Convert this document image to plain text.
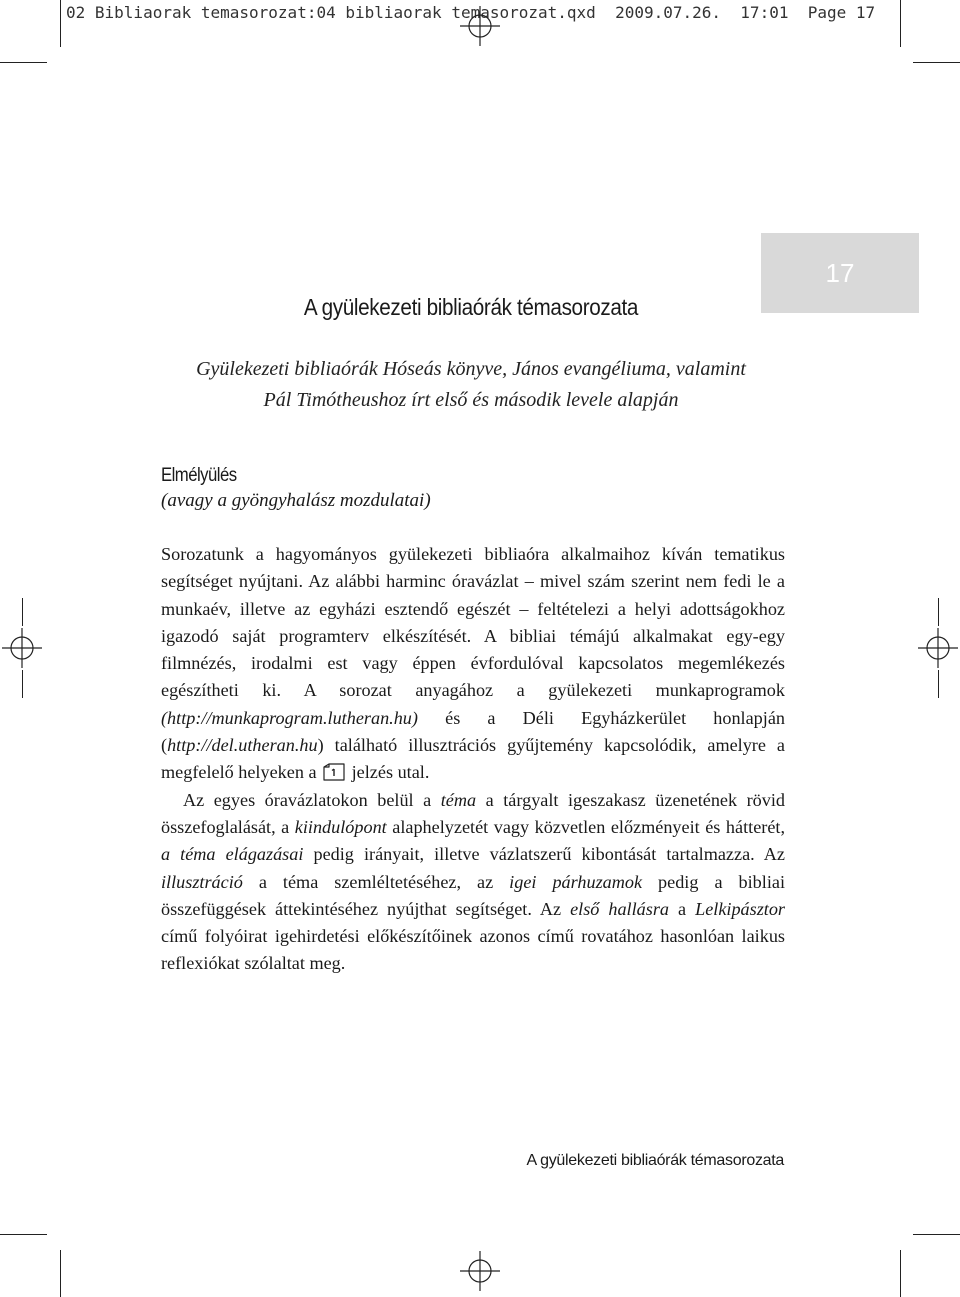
02 Bibliaorak temasorozat:04 bibliaorak temasorozat.qxd  2009.07.26.  17:01  Page 17
17
A gyülekezeti bibliaórák témasorozata
Gyülekezeti bibliaórák Hóseás könyve, János evangéliuma, valamint
Pál Timótheushoz írt első és második levele alapján
Elmélyülés
(avagy a gyöngyhalász mozdulatai)

Sorozatunk a hagyományos gyülekezeti bibliaóra alkalmaihoz kíván tematikus segítséget nyújtani. Az alábbi harminc óravázlat – mivel szám szerint nem fedi le a munkaév, illetve az egyházi esztendő egészét – feltételezi a helyi adottságokhoz igazodó saját programterv elkészítését. A bibliai témájú alkalmakat egy-egy filmnézés, irodalmi est vagy éppen évfordulóval kapcsolatos megemlékezés egészítheti ki. A sorozat anyagához a gyülekezeti munkaprogramok (http://munkaprogram.lutheran.hu) és a Déli Egyházkerület honlapján (http://del.utheran.hu) található illusztrációs gyűjtemény kapcsolódik, amelyre a megfelelő helyeken a  jelzés utal.

Az egyes óravázlatokon belül a téma a tárgyalt igeszakasz üzenetének rövid összefoglalását, a kiindulópont alaphelyzetét vagy közvetlen előzményeit és hátterét, a téma elágazásai pedig irányait, illetve vázlatszerű kibontását tartalmazza. Az illusztráció a téma szemléltetéséhez, az igei párhuzamok pedig a bibliai összefüggések áttekintéséhez nyújthat segítséget. Az első hallásra a Lelkipásztor című folyóirat igehirdetési előkészítőinek azonos című rovatához hasonlóan laikus reflexiókat szólaltat meg.

A gyülekezeti bibliaórák témasorozata
